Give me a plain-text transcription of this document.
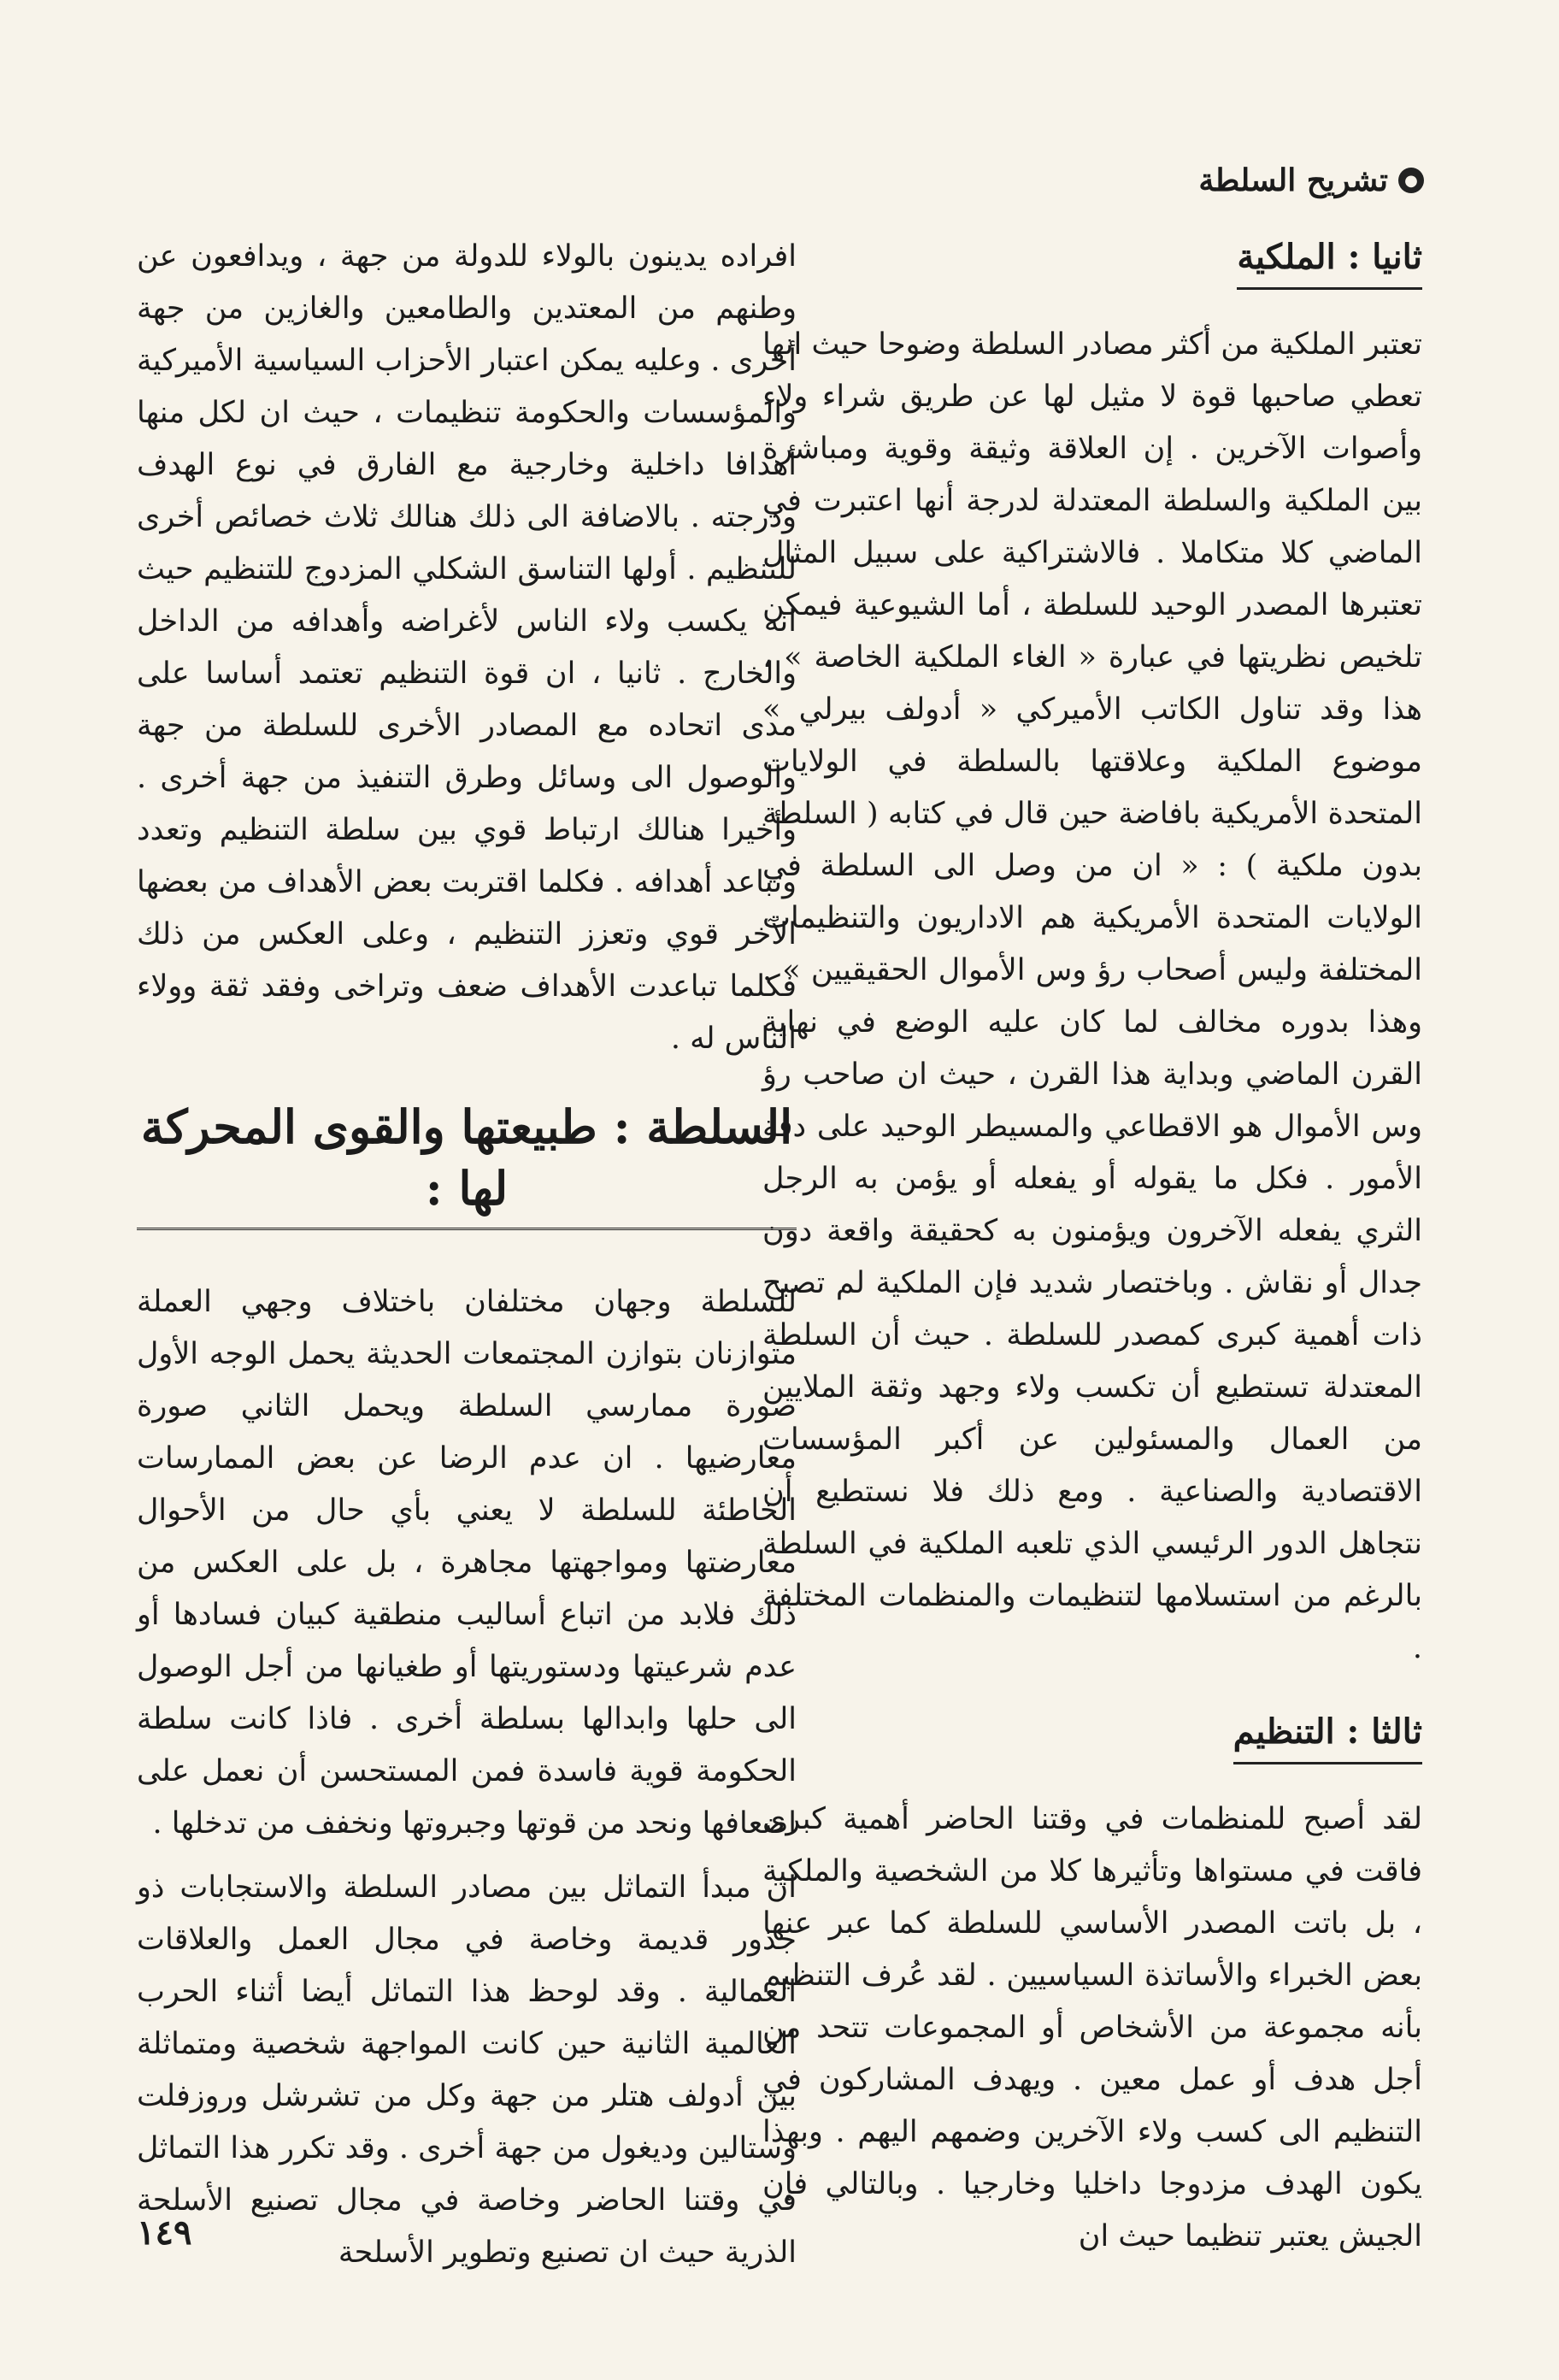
●
تشريح السلطة
ثانيا : الملكية

تعتبر الملكية من أكثر مصادر السلطة وضوحا حيث انها تعطي صاحبها قوة لا مثيل لها عن طريق شراء ولاء وأصوات الآخرين . إن العلاقة وثيقة وقوية ومباشرة بين الملكية والسلطة المعتدلة لدرجة أنها اعتبرت في الماضي كلا متكاملا . فالاشتراكية على سبيل المثال تعتبرها المصدر الوحيد للسلطة ، أما الشيوعية فيمكن تلخيص نظريتها في عبارة « الغاء الملكية الخاصة » ، هذا وقد تناول الكاتب الأميركي « أدولف بيرلي » موضوع الملكية وعلاقتها بالسلطة في الولايات المتحدة الأمريكية بافاضة حين قال في كتابه ( السلطة بدون ملكية ) : « ان من وصل الى السلطة في الولايات المتحدة الأمريكية هم الاداريون والتنظيمات المختلفة وليس أصحاب رؤ وس الأموال الحقيقيين » . وهذا بدوره مخالف لما كان عليه الوضع في نهاية القرن الماضي وبداية هذا القرن ، حيث ان صاحب رؤ وس الأموال هو الاقطاعي والمسيطر الوحيد على دفة الأمور . فكل ما يقوله أو يفعله أو يؤمن به الرجل الثري يفعله الآخرون ويؤمنون به كحقيقة واقعة دون جدال أو نقاش . وباختصار شديد فإن الملكية لم تصبح ذات أهمية كبرى كمصدر للسلطة . حيث أن السلطة المعتدلة تستطيع أن تكسب ولاء وجهد وثقة الملايين من العمال والمسئولين عن أكبر المؤسسات الاقتصادية والصناعية . ومع ذلك فلا نستطيع أن نتجاهل الدور الرئيسي الذي تلعبه الملكية في السلطة بالرغم من استسلامها لتنظيمات والمنظمات المختلفة .

ثالثا : التنظيم

لقد أصبح للمنظمات في وقتنا الحاضر أهمية كبرى فاقت في مستواها وتأثيرها كلا من الشخصية والملكية ، بل باتت المصدر الأساسي للسلطة كما عبر عنها بعض الخبراء والأساتذة السياسيين . لقد عُرف التنظيم بأنه مجموعة من الأشخاص أو المجموعات تتحد من أجل هدف أو عمل معين . ويهدف المشاركون في التنظيم الى كسب ولاء الآخرين وضمهم اليهم . وبهذا يكون الهدف مزدوجا داخليا وخارجيا . وبالتالي فإن الجيش يعتبر تنظيما حيث ان

افراده يدينون بالولاء للدولة من جهة ، ويدافعون عن وطنهم من المعتدين والطامعين والغازين من جهة أخرى . وعليه يمكن اعتبار الأحزاب السياسية الأميركية والمؤسسات والحكومة تنظيمات ، حيث ان لكل منها أهدافا داخلية وخارجية مع الفارق في نوع الهدف ودرجته . بالاضافة الى ذلك هنالك ثلاث خصائص أخرى للتنظيم . أولها التناسق الشكلي المزدوج للتنظيم حيث انه يكسب ولاء الناس لأغراضه وأهدافه من الداخل والخارج . ثانيا ، ان قوة التنظيم تعتمد أساسا على مدى اتحاده مع المصادر الأخرى للسلطة من جهة والوصول الى وسائل وطرق التنفيذ من جهة أخرى . وأخيرا هنالك ارتباط قوي بين سلطة التنظيم وتعدد وتباعد أهدافه . فكلما اقتربت بعض الأهداف من بعضها الآخر قوي وتعزز التنظيم ، وعلى العكس من ذلك فكلما تباعدت الأهداف ضعف وتراخى وفقد ثقة وولاء الناس له .

السلطة : طبيعتها والقوى المحركة لها :

للسلطة وجهان مختلفان باختلاف وجهي العملة متوازنان بتوازن المجتمعات الحديثة يحمل الوجه الأول صورة ممارسي السلطة ويحمل الثاني صورة معارضيها . ان عدم الرضا عن بعض الممارسات الخاطئة للسلطة لا يعني بأي حال من الأحوال معارضتها ومواجهتها مجاهرة ، بل على العكس من ذلك فلابد من اتباع أساليب منطقية كبيان فسادها أو عدم شرعيتها ودستوريتها أو طغيانها من أجل الوصول الى حلها وابدالها بسلطة أخرى . فاذا كانت سلطة الحكومة قوية فاسدة فمن المستحسن أن نعمل على اضعافها ونحد من قوتها وجبروتها ونخفف من تدخلها .

ان مبدأ التماثل بين مصادر السلطة والاستجابات ذو جذور قديمة وخاصة في مجال العمل والعلاقات العمالية . وقد لوحظ هذا التماثل أيضا أثناء الحرب العالمية الثانية حين كانت المواجهة شخصية ومتماثلة بين أدولف هتلر من جهة وكل من تشرشل وروزفلت وستالين وديغول من جهة أخرى . وقد تكرر هذا التماثل في وقتنا الحاضر وخاصة في مجال تصنيع الأسلحة الذرية حيث ان تصنيع وتطوير الأسلحة

١٤٩
